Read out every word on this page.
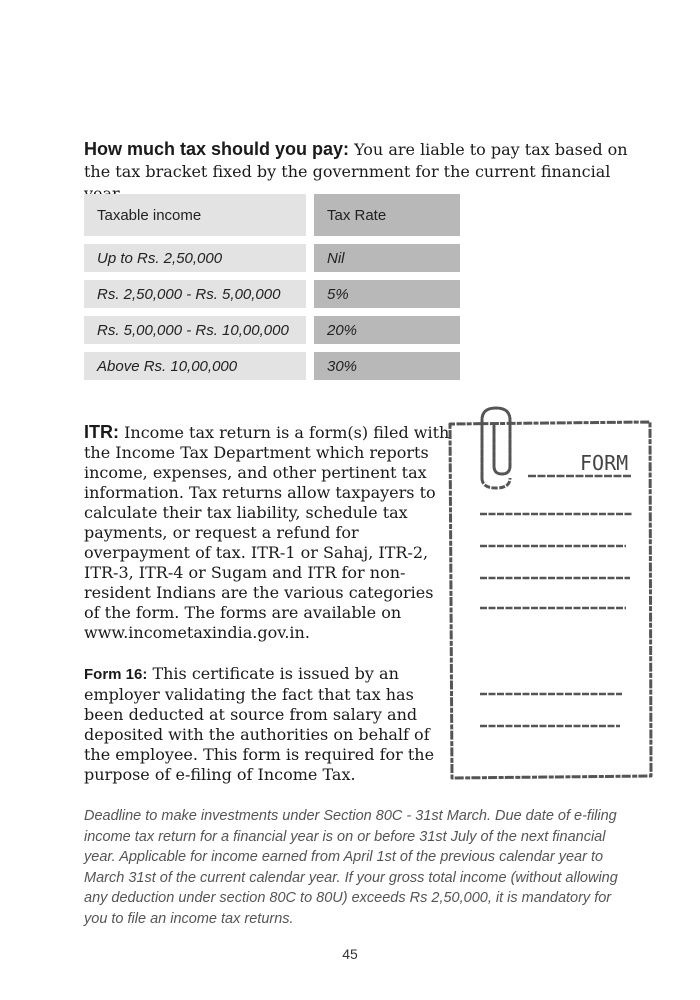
How much tax should you pay: You are liable to pay tax based on the tax bracket fixed by the government for the current financial
Taxable income	Tax Rate
Up to Rs. 2,50,000	Nil
Rs. 2,50,000 - Rs. 5,00,000	5%
Rs. 5,00,000 - Rs. 10,00,000	20%
Above Rs. 10,00,000	30%
ITR: Income tax return is a form(s) filed with the Income Tax Department which reports income, expenses, and other pertinent tax information. Tax returns allow taxpayers to calculate their tax liability, schedule tax payments, or request a refund for overpayment of tax. ITR-1 or Sahaj, ITR-2, ITR-3, ITR-4 or Sugam and ITR for non-resident Indians are the various categories of the form. The forms are available on www.incometaxindia.gov.in.
Form 16: This certificate is issued by an employer validating the fact that tax has been deducted at source from salary and deposited with the authorities on behalf of the employee. This form is required for the purpose of e-filing of Income Tax.
FORM
Deadline to make investments under Section 80C - 31st March. Due date of e-filing income tax return for a financial year is on or before 31st July of the next financial year. Applicable for income earned from April 1st of the previous calendar year to March 31st of the current calendar year. If your gross total income (without allowing any deduction under section 80C to 80U) exceeds Rs 2,50,000, it is mandatory for you to file an income tax returns.
45
